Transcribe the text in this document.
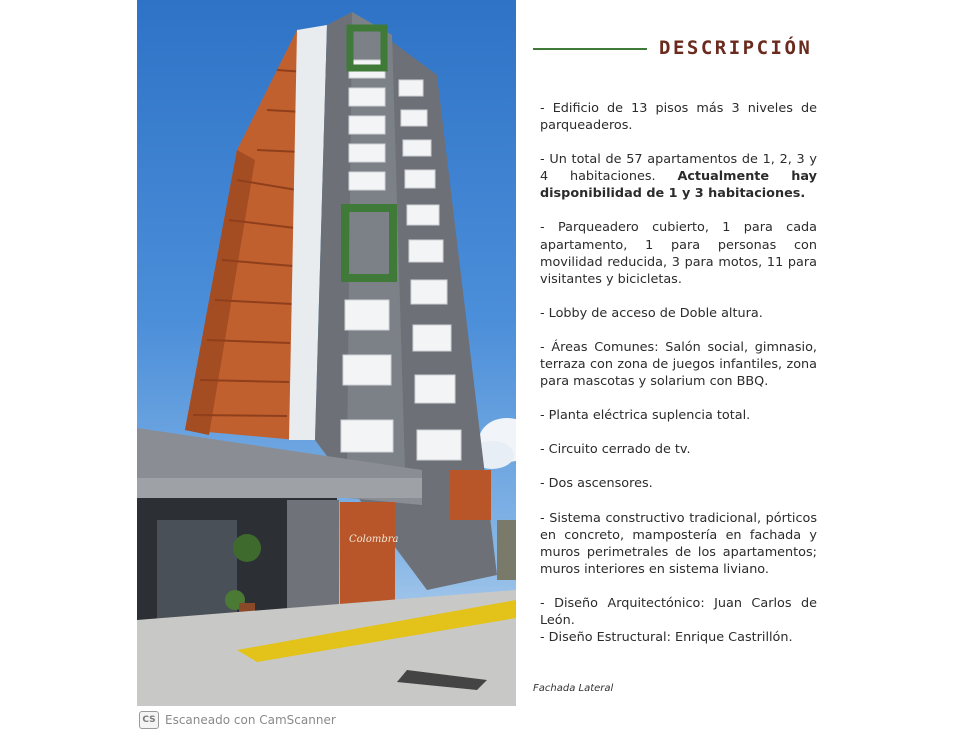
Colombra
Fachada Lateral
DESCRIPCIÓN

- Edificio de 13 pisos más 3 niveles de parqueaderos.

- Un total de 57 apartamentos de 1, 2, 3 y 4 habitaciones. Actualmente hay disponibilidad de 1 y 3 habitaciones.

- Parqueadero cubierto, 1 para cada apartamento, 1 para personas con movilidad reducida, 3 para motos, 11 para visitantes y bicicletas.

- Lobby de acceso de Doble altura.

- Áreas Comunes: Salón social, gimnasio, terraza con zona de juegos infantiles, zona para mascotas y solarium con BBQ.

- Planta eléctrica suplencia total.

- Circuito cerrado de tv.

- Dos ascensores.

- Sistema constructivo tradicional, pórticos en concreto, mampostería en fachada y muros perimetrales de los apartamentos; muros interiores en sistema liviano.

- Diseño Arquitectónico: Juan Carlos de León.

- Diseño Estructural: Enrique Castrillón.

CS Escaneado con CamScanner
